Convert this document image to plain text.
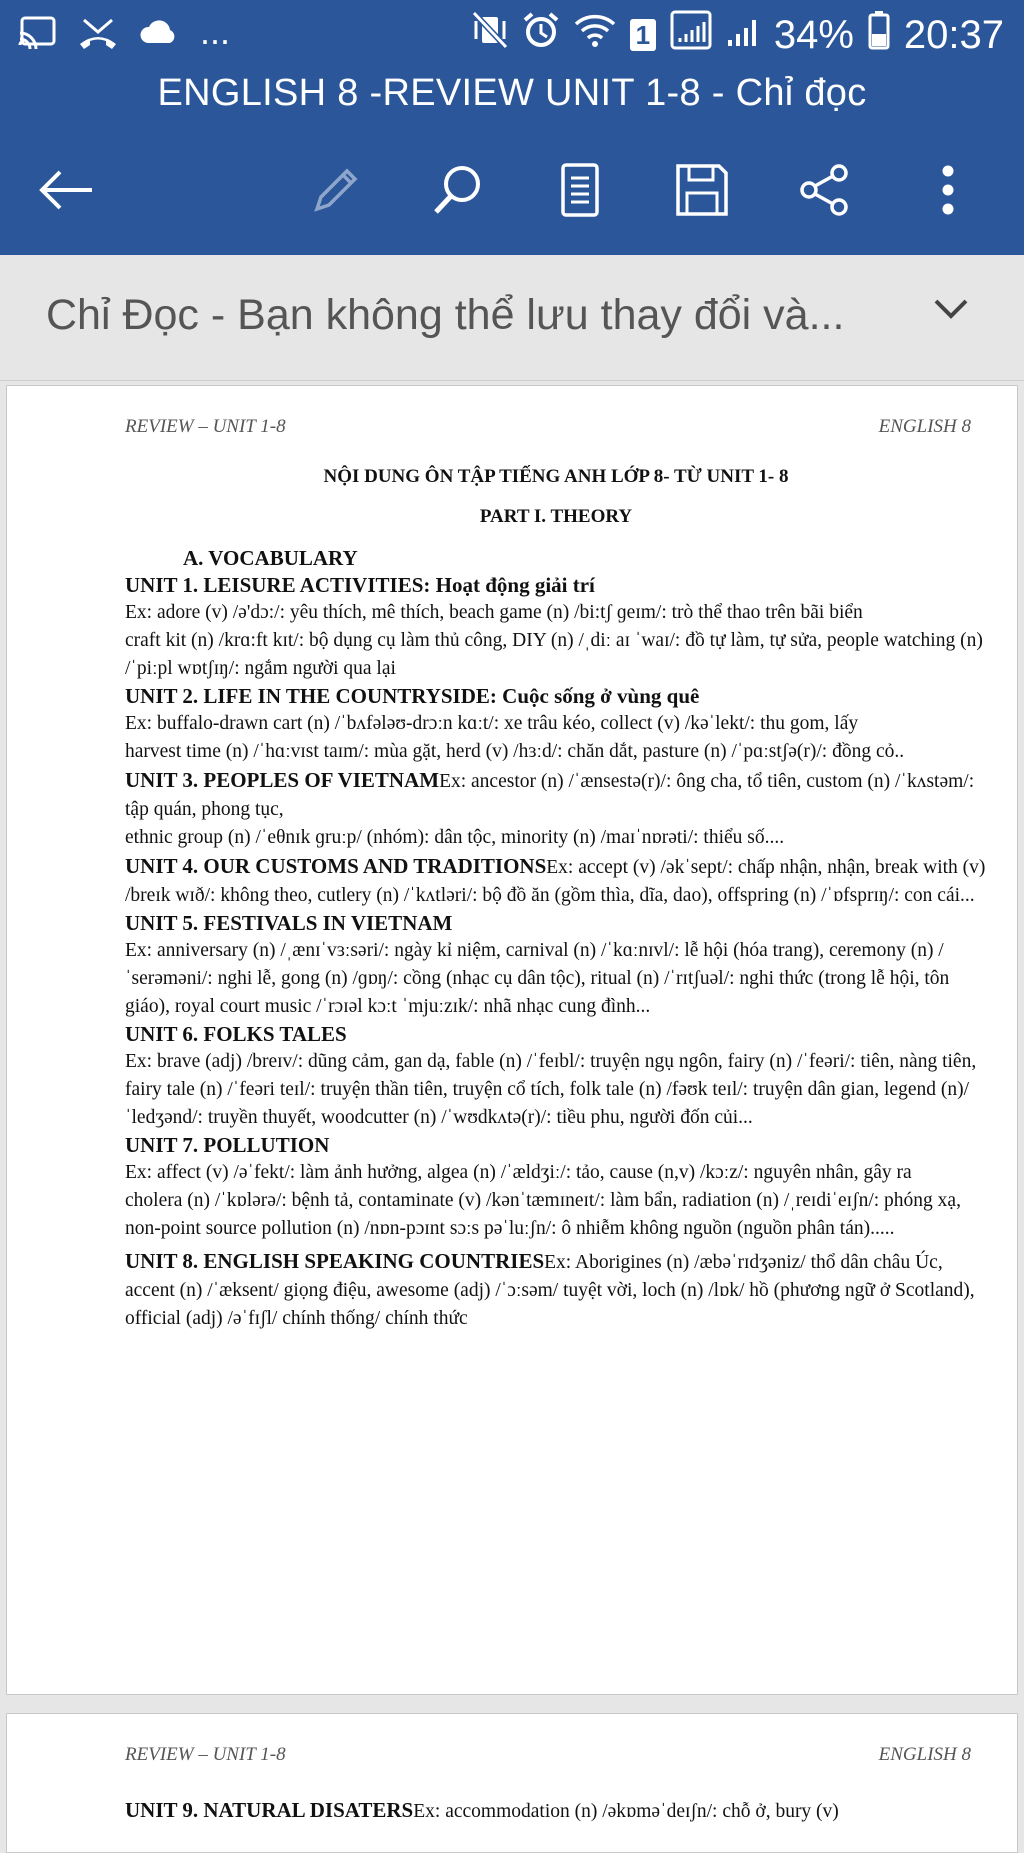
...	1	34% 20:37
ENGLISH 8 -REVIEW UNIT 1-8 - Chỉ đọc
Chỉ Đọc - Bạn không thể lưu thay đổi và...
REVIEW – UNIT 1-8	ENGLISH 8

NỘI DUNG ÔN TẬP TIẾNG ANH LỚP 8- TỪ UNIT 1- 8

PART I. THEORY

A. VOCABULARY

UNIT 1. LEISURE ACTIVITIES: Hoạt động giải trí

Ex: adore (v) /ə'dɔ:/: yêu thích, mê thích, beach game (n) /bi:tʃ ɡeɪm/: trò thể thao trên bãi biển

craft kit (n) /krɑ:ft kɪt/: bộ dụng cụ làm thủ công, DIY (n) /ˌdiː aɪ ˈwaɪ/: đồ tự làm, tự sửa, people watching (n) /ˈpiːpl wɒtʃɪŋ/: ngắm người qua lại

UNIT 2. LIFE IN THE COUNTRYSIDE: Cuộc sống ở vùng quê

Ex: buffalo-drawn cart (n) /ˈbʌfələʊ-drɔːn kɑːt/: xe trâu kéo, collect (v) /kəˈlekt/: thu gom, lấy

harvest time (n) /ˈhɑːvɪst taɪm/: mùa gặt, herd (v) /hɜːd/: chăn dắt, pasture (n) /ˈpɑːstʃə(r)/: đồng cỏ..

UNIT 3. PEOPLES OF VIETNAMEx: ancestor (n) /ˈænsestə(r)/: ông cha, tổ tiên, custom (n) /ˈkʌstəm/: tập quán, phong tục,

ethnic group (n) /ˈeθnɪk ɡruːp/ (nhóm): dân tộc, minority (n) /maɪˈnɒrəti/: thiểu số....

UNIT 4. OUR CUSTOMS AND TRADITIONSEx: accept (v) /əkˈsept/: chấp nhận, nhận, break with (v) /breɪk wɪð/: không theo, cutlery (n) /ˈkʌtləri/: bộ đồ ăn (gồm thìa, dĩa, dao), offspring (n) /ˈɒfsprɪŋ/: con cái...

UNIT 5. FESTIVALS IN VIETNAM

Ex: anniversary (n) /ˌænɪˈvɜːsəri/: ngày kỉ niệm, carnival (n) /ˈkɑːnɪvl/: lễ hội (hóa trang), ceremony (n) /ˈserəməni/: nghi lễ, gong (n) /ɡɒŋ/: cồng (nhạc cụ dân tộc), ritual (n) /ˈrɪtʃuəl/: nghi thức (trong lễ hội, tôn giáo), royal court music /ˈrɔɪəl kɔːt ˈmjuːzɪk/: nhã nhạc cung đình...

UNIT 6. FOLKS TALES

Ex: brave (adj) /breɪv/: dũng cảm, gan dạ, fable (n) /ˈfeɪbl/: truyện ngụ ngôn, fairy (n) /ˈfeəri/: tiên, nàng tiên, fairy tale (n) /ˈfeəri teɪl/: truyện thần tiên, truyện cổ tích, folk tale (n) /fəʊk teɪl/: truyện dân gian, legend (n)/ ˈledʒənd/: truyền thuyết, woodcutter (n) /ˈwʊdkʌtə(r)/: tiều phu, người đốn củi...

UNIT 7. POLLUTION

Ex: affect (v) /əˈfekt/: làm ảnh hưởng, algea (n) /ˈældʒiː/: tảo, cause (n,v) /kɔːz/: nguyên nhân, gây ra

cholera (n) /ˈkɒlərə/: bệnh tả, contaminate (v) /kənˈtæmɪneɪt/: làm bẩn, radiation (n) /ˌreɪdiˈeɪʃn/: phóng xạ, non-point source pollution (n) /nɒn-pɔɪnt sɔːs pəˈluːʃn/: ô nhiễm không nguồn (nguồn phân tán).....

UNIT 8. ENGLISH SPEAKING COUNTRIESEx: Aborigines (n) /æbəˈrɪdʒəniz/ thổ dân châu Úc, accent (n) /ˈæksent/ giọng điệu, awesome (adj) /ˈɔːsəm/ tuyệt vời, loch (n) /lɒk/ hồ (phương ngữ ở Scotland), official (adj) /əˈfɪʃl/ chính thống/ chính thức

REVIEW – UNIT 1-8	ENGLISH 8

UNIT 9. NATURAL DISATERSEx: accommodation (n) /əkɒməˈdeɪʃn/: chỗ ở, bury (v)
